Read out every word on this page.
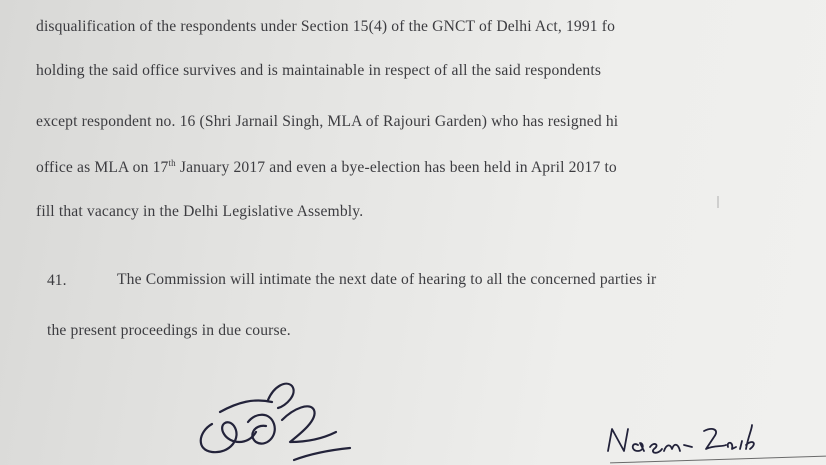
disqualification of the respondents under Section 15(4) of the GNCT of Delhi Act, 1991 fo
holding the said office survives and is maintainable in respect of all the said respondents
except respondent no. 16 (Shri Jarnail Singh, MLA of Rajouri Garden) who has resigned hi
office as MLA on 17th January 2017 and even a bye-election has been held in April 2017 to
fill that vacancy in the Delhi Legislative Assembly.
41.	The Commission will intimate the next date of hearing to all the concerned parties ir
the present proceedings in due course.
